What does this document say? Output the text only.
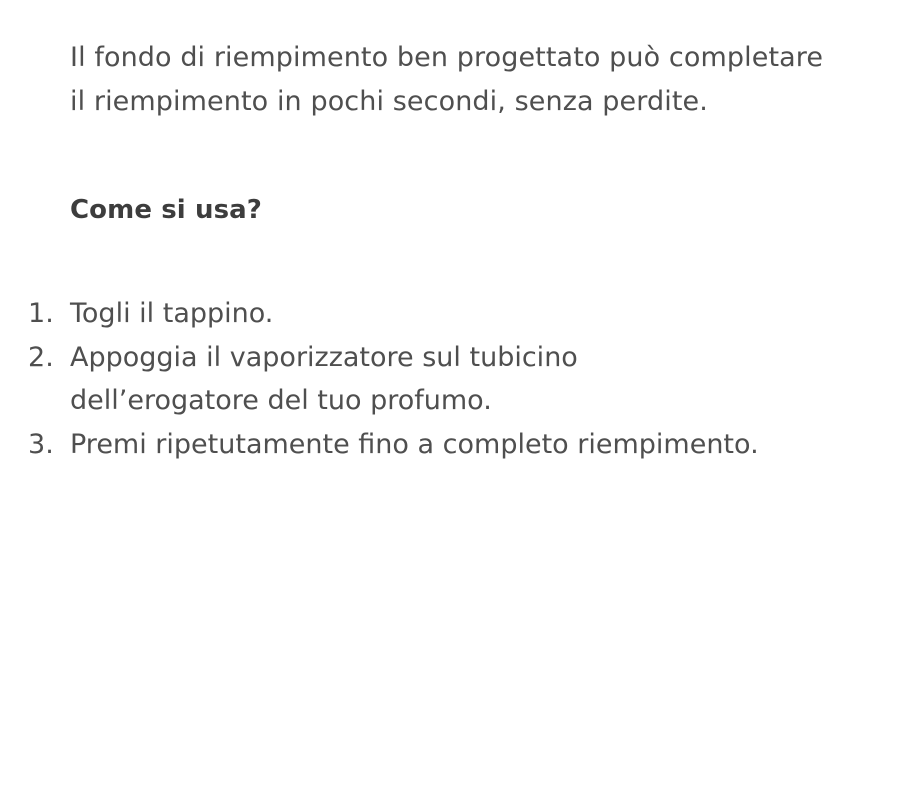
Il fondo di riempimento ben progettato può completare il riempimento in pochi secondi, senza perdite.

Come si usa?
1 . Togli il tappino.
2 . Appoggia il vaporizzatore sul tubicino dell’erogatore del tuo profumo.
3 . Premi ripetutamente fino a completo riempimento.
